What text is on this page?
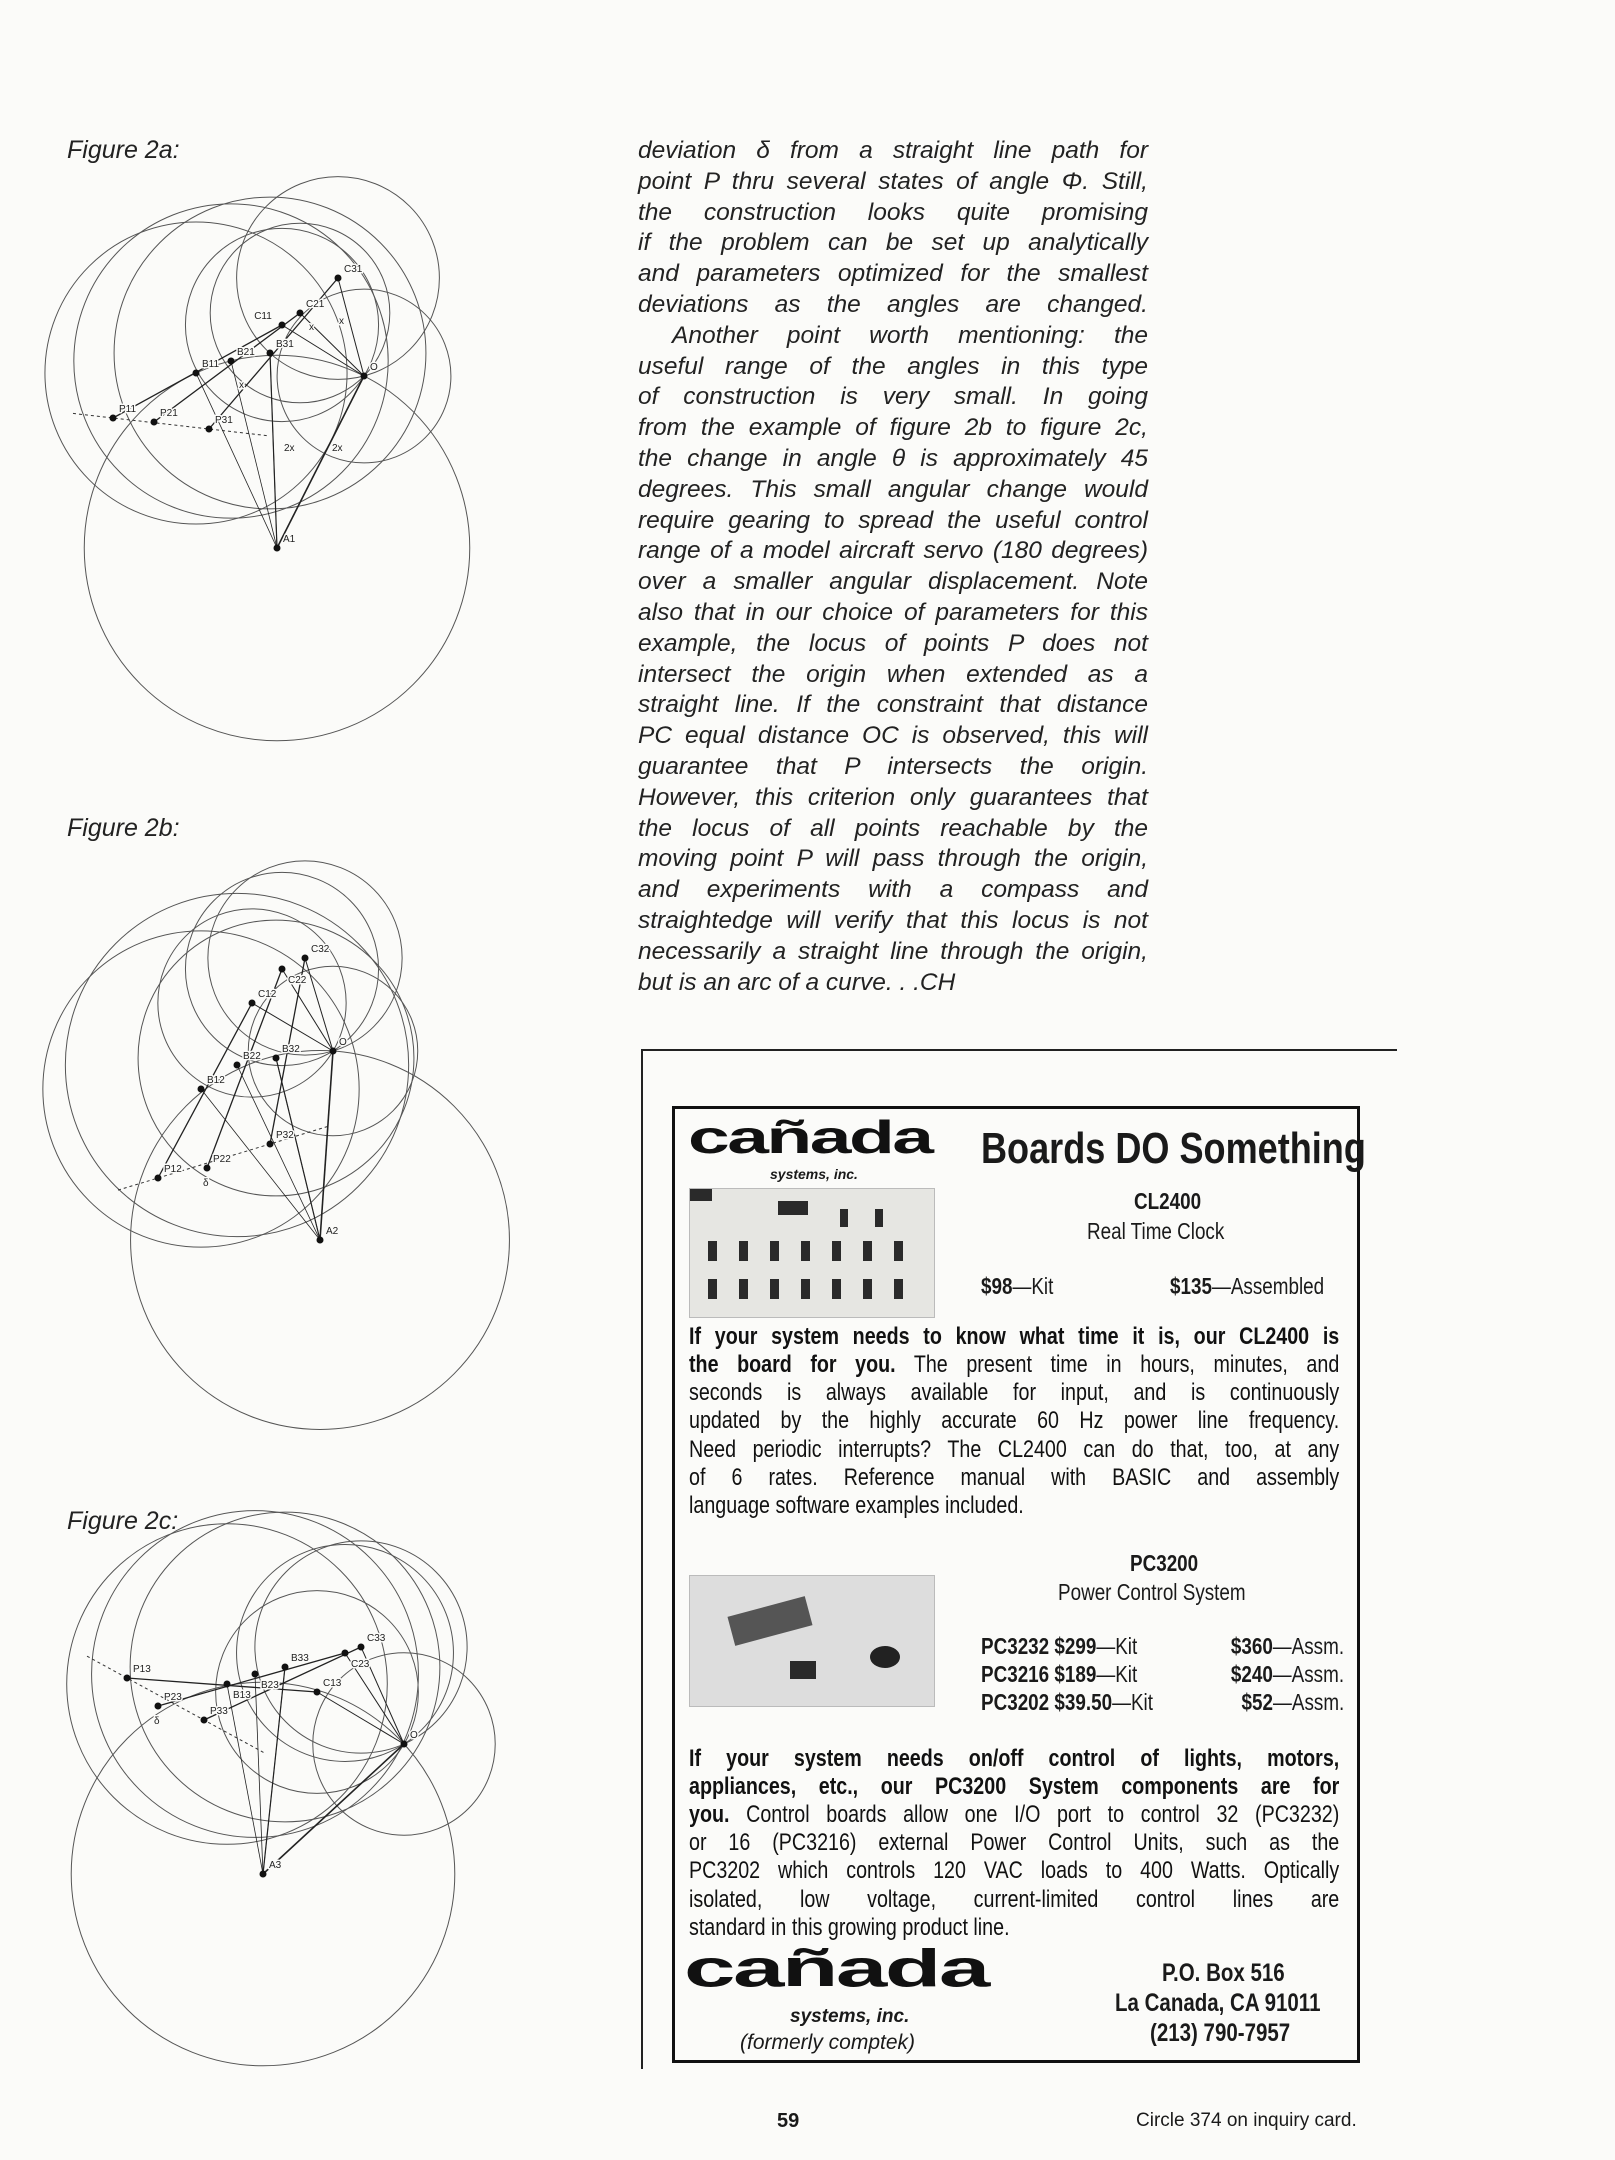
Figure 2a:
Figure 2b:
Figure 2c:
P11 P21
P31
B11
B21
B31
C11
C21
C31
O
A1
x
x
x
2x	2x
P12
P22
P32
B12
B22
B32
C12
C22
C32
O
A2
δ
P13
P23
P33
B13
B23
B33
C13
C23
C33
O
A3
δ
deviation δ from a straight line path for
point P thru several states of angle Φ. Still,
the construction looks quite promising
if the problem can be set up analytically
and parameters optimized for the smallest
deviations as the angles are changed.
Another point worth mentioning: the
useful range of the angles in this type
of construction is very small. In going
from the example of figure 2b to figure 2c,
the change in angle θ is approximately 45
degrees. This small angular change would
require gearing to spread the useful control
range of a model aircraft servo (180 degrees)
over a smaller angular displacement. Note
also that in our choice of parameters for this
example, the locus of points P does not
intersect the origin when extended as a
straight line. If the constraint that distance
PC equal distance OC is observed, this will
guarantee that P intersects the origin.
However, this criterion only guarantees that
the locus of all points reachable by the
moving point P will pass through the origin,
and experiments with a compass and
straightedge will verify that this locus is not
necessarily a straight line through the origin,
but is an arc of a curve. . .CH
cañada
systems, inc.
Boards DO Something
CL2400
Real Time Clock
$98—Kit	$135—Assembled
If your system needs to know what time it is, our CL2400 is
the board for you. The present time in hours, minutes, and
seconds is always available for input, and is continuously
updated by the highly accurate 60 Hz power line frequency.
Need periodic interrupts? The CL2400 can do that, too, at any
of 6 rates. Reference manual with BASIC and assembly
language software examples included.
PC3200
Power Control System
PC3232 $299—Kit	$360—Assm.
PC3216 $189—Kit	$240—Assm.
PC3202 $39.50—Kit	$52—Assm.
If your system needs on/off control of lights, motors,
appliances, etc., our PC3200 System components are for
you. Control boards allow one I/O port to control 32 (PC3232)
or 16 (PC3216) external Power Control Units, such as the
PC3202 which controls 120 VAC loads to 400 Watts. Optically
isolated, low voltage, current-limited control lines are
standard in this growing product line.
cañada
systems, inc.
(formerly comptek)
P.O. Box 516
La Canada, CA 91011
(213) 790-7957
59	Circle 374 on inquiry card.
